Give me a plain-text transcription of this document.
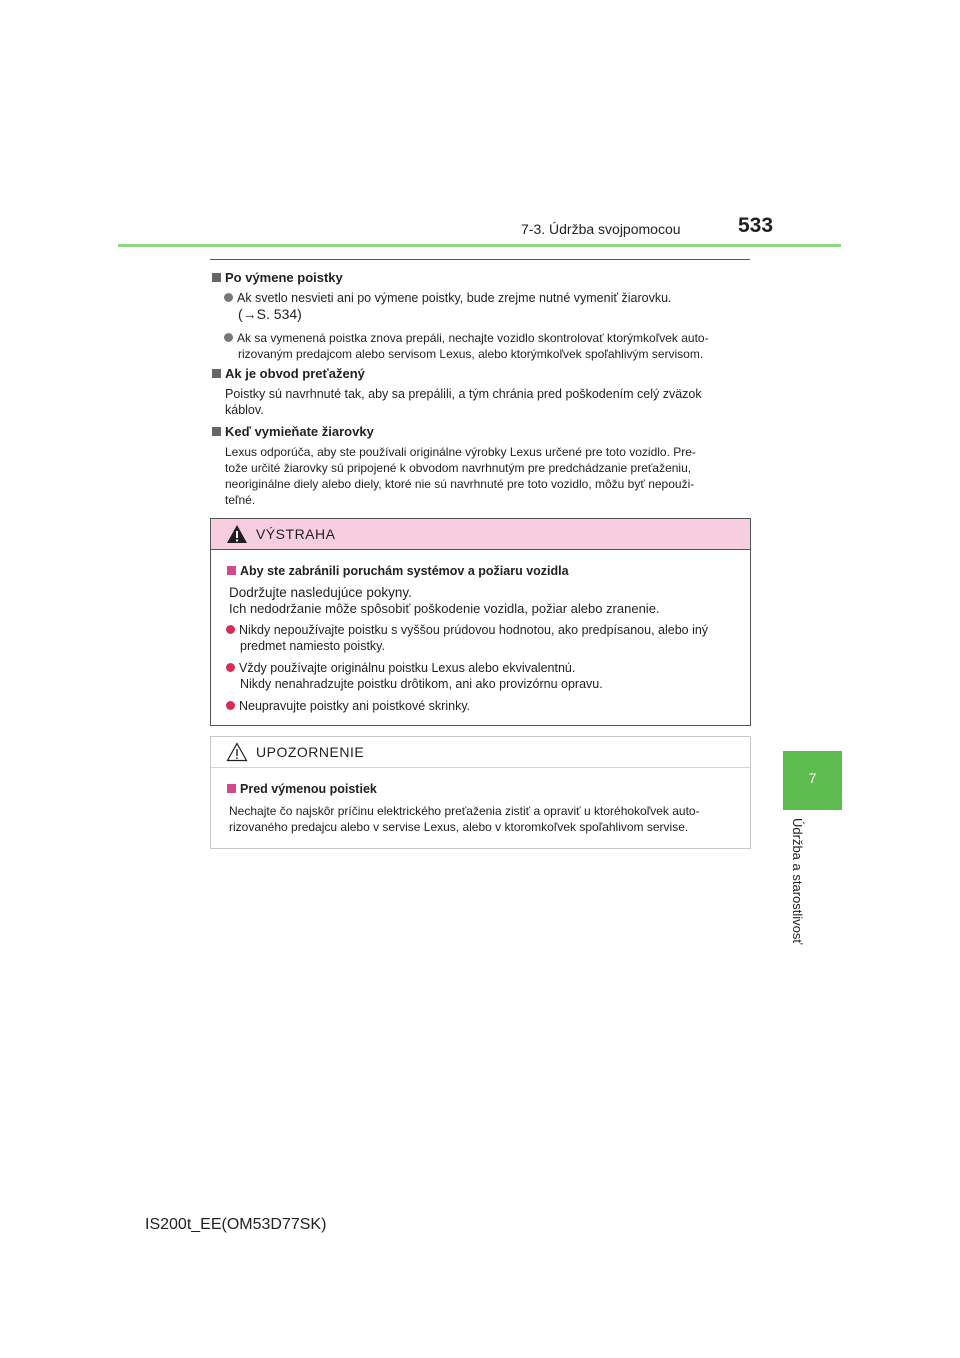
7-3. Údržba svojpomocou	533
7
Údržba a starostlivosť
Po výmene poistky
Ak svetlo nesvieti ani po výmene poistky, bude zrejme nutné vymeniť žiarovku.
(→S. 534)
Ak sa vymenená poistka znova prepáli, nechajte vozidlo skontrolovať ktorýmkoľvek auto-
rizovaným predajcom alebo servisom Lexus, alebo ktorýmkoľvek spoľahlivým servisom.
Ak je obvod preťažený
Poistky sú navrhnuté tak, aby sa prepálili, a tým chránia pred poškodením celý zväzok
káblov.
Keď vymieňate žiarovky
Lexus odporúča, aby ste používali originálne výrobky Lexus určené pre toto vozidlo. Pre-
tože určité žiarovky sú pripojené k obvodom navrhnutým pre predchádzanie preťaženiu,
neoriginálne diely alebo diely, ktoré nie sú navrhnuté pre toto vozidlo, môžu byť nepouži-
teľné.
VÝSTRAHA
Aby ste zabránili poruchám systémov a požiaru vozidla
Dodržujte nasledujúce pokyny.
Ich nedodržanie môže spôsobiť poškodenie vozidla, požiar alebo zranenie.
Nikdy nepoužívajte poistku s vyššou prúdovou hodnotou, ako predpísanou, alebo iný
predmet namiesto poistky.
Vždy používajte originálnu poistku Lexus alebo ekvivalentnú.
Nikdy nenahradzujte poistku drôtikom, ani ako provizórnu opravu.
Neupravujte poistky ani poistkové skrinky.
UPOZORNENIE
Pred výmenou poistiek
Nechajte čo najskôr príčinu elektrického preťaženia zistiť a opraviť u ktoréhokoľvek auto-
rizovaného predajcu alebo v servise Lexus, alebo v ktoromkoľvek spoľahlivom servise.
IS200t_EE(OM53D77SK)
